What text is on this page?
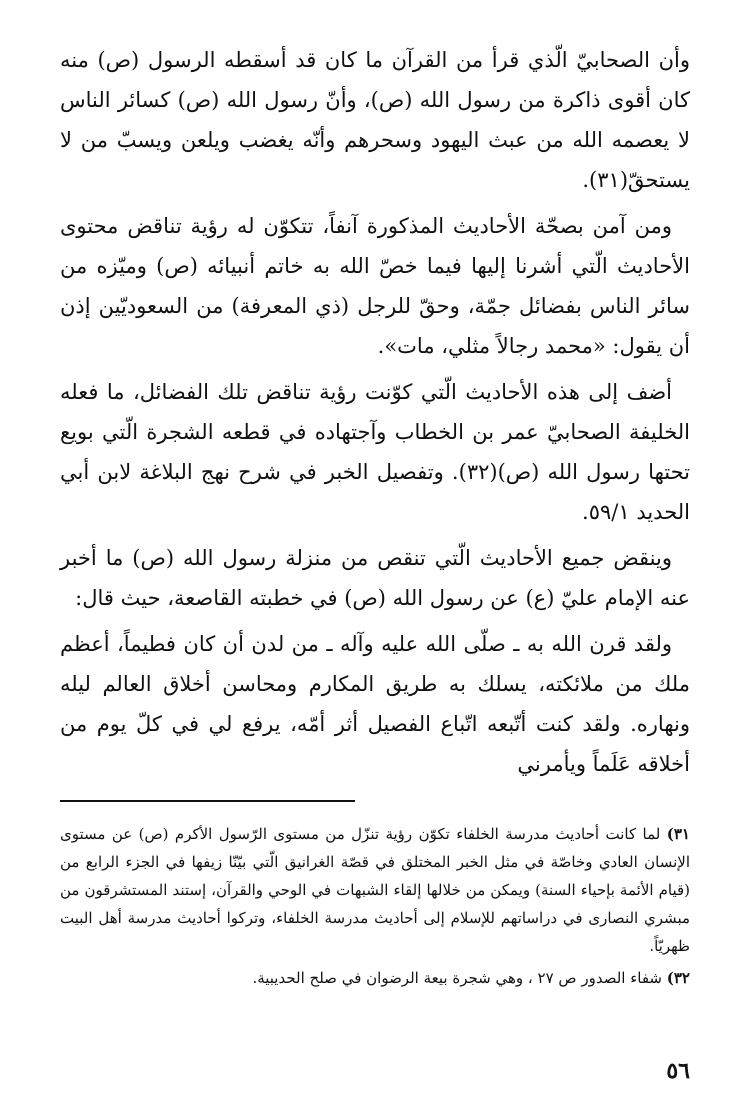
وأن الصحابيّ الّذي قرأ من القرآن ما كان قد أسقطه الرسول (ص) منه كان أقوى ذاكرة من رسول الله (ص)، وأنّ رسول الله (ص) كسائر الناس لا يعصمه الله من عبث اليهود وسحرهم وأنّه يغضب ويلعن ويسبّ من لا يستحقّ(٣١).

ومن آمن بصحّة الأحاديث المذكورة آنفاً، تتكوّن له رؤية تناقض محتوى الأحاديث الّتي أشرنا إليها فيما خصّ الله به خاتم أنبيائه (ص) وميّزه من سائر الناس بفضائل جمّة، وحقّ للرجل (ذي المعرفة) من السعوديّين إذن أن يقول: «محمد رجالاً مثلي، مات».

أضف إلى هذه الأحاديث الّتي كوّنت رؤية تناقض تلك الفضائل، ما فعله الخليفة الصحابيّ عمر بن الخطاب وآجتهاده في قطعه الشجرة الّتي بويع تحتها رسول الله (ص)(٣٢). وتفصيل الخبر في شرح نهج البلاغة لابن أبي الحديد ٥٩/١.

وينقض جميع الأحاديث الّتي تنقص من منزلة رسول الله (ص) ما أخبر عنه الإمام عليّ (ع) عن رسول الله (ص) في خطبته القاصعة، حيث قال:

ولقد قرن الله به ـ صلّى الله عليه وآله ـ من لدن أن كان فطيماً، أعظم ملك من ملائكته، يسلك به طريق المكارم ومحاسن أخلاق العالم ليله ونهاره. ولقد كنت أتّبعه اتّباع الفصيل أثر أمّه، يرفع لي في كلّ يوم من أخلاقه عَلَماً ويأمرني

٣١) لما كانت أحاديث مدرسة الخلفاء تكوّن رؤية تنزّل من مستوى الرّسول الأكرم (ص) عن مستوى الإنسان العادي وخاصّة في مثل الخبر المختلق في قصّة الغرانيق الّتي بيّنّا زيفها في الجزء الرابع من (قيام الأئمة بإحياء السنة) ويمكن من خلالها إلقاء الشبهات في الوحي والقرآن، إستند المستشرقون من مبشري النصارى في دراساتهم للإسلام إلى أحاديث مدرسة الخلفاء، وتركوا أحاديث مدرسة أهل البيت ظهريّاً.

٣٢) شفاء الصدور ص ٢٧ ، وهي شجرة بيعة الرضوان في صلح الحديبية.

٥٦
